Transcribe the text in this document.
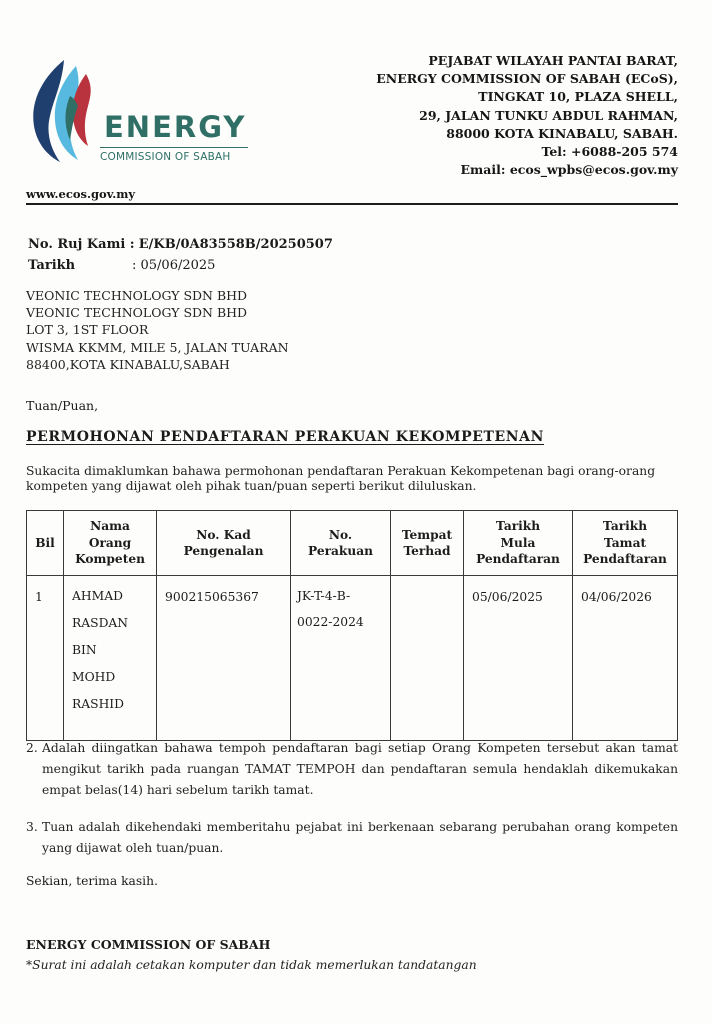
ENERGY
COMMISSION OF SABAH
PEJABAT WILAYAH PANTAI BARAT,
ENERGY COMMISSION OF SABAH (ECoS),
TINGKAT 10, PLAZA SHELL,
29, JALAN TUNKU ABDUL RAHMAN,
88000 KOTA KINABALU, SABAH.
Tel: +6088-205 574
Email: ecos_wpbs@ecos.gov.my
www.ecos.gov.my
No. Ruj Kami : E/KB/0A83558B/20250507
Tarikh	: 05/06/2025
VEONIC TECHNOLOGY SDN BHD
VEONIC TECHNOLOGY SDN BHD
LOT 3, 1ST FLOOR
WISMA KKMM, MILE 5, JALAN TUARAN
88400,KOTA KINABALU,SABAH
Tuan/Puan,
PERMOHONAN PENDAFTARAN PERAKUAN KEKOMPETENAN
Sukacita dimaklumkan bahawa permohonan pendaftaran Perakuan Kekompetenan bagi orang-orang kompeten yang dijawat oleh pihak tuan/puan seperti berikut diluluskan.
Bil	Nama
Orang
Kompeten	No. Kad
Pengenalan	No.
Perakuan	Tempat
Terhad	Tarikh
Mula
Pendaftaran	Tarikh
Tamat
Pendaftaran

1	AHMAD
RASDAN
BIN
MOHD
RASHID	900215065367	JK-T-4-B-
0022-2024		05/06/2025	04/06/2026
2. Adalah diingatkan bahawa tempoh pendaftaran bagi setiap Orang Kompeten tersebut akan tamat mengikut tarikh pada ruangan TAMAT TEMPOH dan pendaftaran semula hendaklah dikemukakan empat belas(14) hari sebelum tarikh tamat.
3. Tuan adalah dikehendaki memberitahu pejabat ini berkenaan sebarang perubahan orang kompeten yang dijawat oleh tuan/puan.
Sekian, terima kasih.
ENERGY COMMISSION OF SABAH
*Surat ini adalah cetakan komputer dan tidak memerlukan tandatangan
